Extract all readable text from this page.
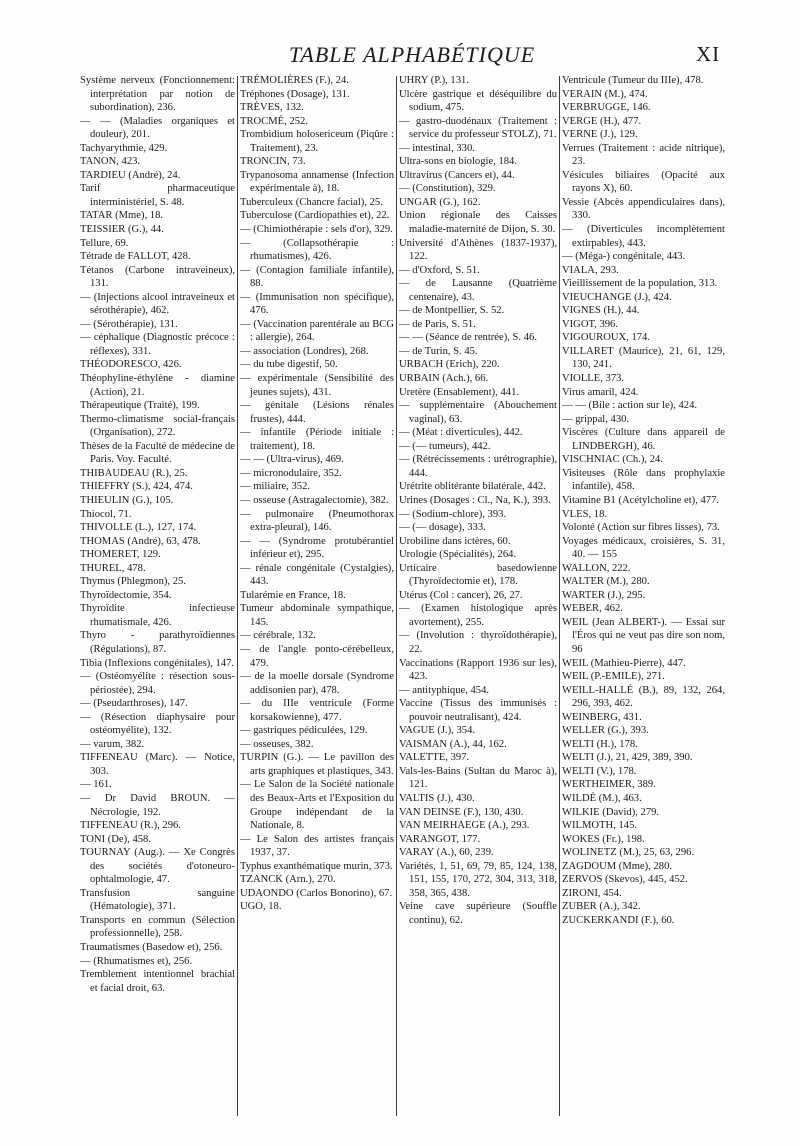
TABLE ALPHABÉTIQUE	XI

Système nerveux (Fonctionnement: interprétation par notion de subordination), 236.

— — (Maladies organiques et douleur), 201.

Tachyarythmie, 429.

TANON, 423.

TARDIEU (André), 24.

Tarif pharmaceutique interministériel, S. 48.

TATAR (Mme), 18.

TEISSIER (G.), 44.

Tellure, 69.

Tétrade de FALLOT, 428.

Tétanos (Carbone intraveineux), 131.

— (Injections alcool intraveineux et sérothérapie), 462.

— (Sérothérapie), 131.

— céphalique (Diagnostic précoce : réflexes), 331.

THÉODORESCO, 426.

Théophyline-éthylène - diamine (Action), 21.

Thérapeutique (Traité), 199.

Thermo-climatisme social-français (Organisation), 272.

Thèses de la Faculté de médecine de Paris. Voy. Faculté.

THIBAUDEAU (R.), 25.

THIEFFRY (S.), 424, 474.

THIEULIN (G.), 105.

Thiocol, 71.

THIVOLLE (L.), 127, 174.

THOMAS (André), 63, 478.

THOMERET, 129.

THUREL, 478.

Thymus (Phlegmon), 25.

Thyroïdectomie, 354.

Thyroïdite infectieuse rhumatismale, 426.

Thyro - parathyroïdiennes (Régulations), 87.

Tibia (Inflexions congénitales), 147.

— (Ostéomyélite : résection sous-périostée), 294.

— (Pseudarthroses), 147.

— (Résection diaphysaire pour ostéomyélite), 132.

— varum, 382.

TIFFENEAU (Marc). — Notice, 303.

— 161.

— Dr David BROUN. — Nécrologie, 192.

TIFFENEAU (R.), 296.

TONI (De), 458.

TOURNAY (Aug.). — Xe Congrès des sociétés d'otoneuro-ophtalmologie, 47.

Transfusion sanguine (Hématologie), 371.

Transports en commun (Sélection professionnelle), 258.

Traumatismes (Basedow et), 256.

— (Rhumatismes et), 256.

Tremblement intentionnel brachial et facial droit, 63.

TRÉMOLIÈRES (F.), 24.

Tréphones (Dosage), 131.

TRÈVES, 132.

TROCMÉ, 252.

Trombidium holosericeum (Piqûre : Traitement), 23.

TRONCIN, 73.

Trypanosoma annamense (Infection expérimentale à), 18.

Tuberculeux (Chancre facial), 25.

Tuberculose (Cardiopathies et), 22.

— (Chimiothérapie : sels d'or), 329.

— (Collapsothérapie : rhumatismes), 426.

— (Contagion familiale infantile), 88.

— (Immunisation non spécifique), 476.

— (Vaccination parentérale au BCG : allergie), 264.

— association (Londres), 268.

— du tube digestif, 50.

— expérimentale (Sensibilité des jeunes sujets), 431.

— génitale (Lésions rénales frustes), 444.

— infantile (Période initiale : traitement), 18.

— — (Ultra-virus), 469.

— micronodulaire, 352.

— miliaire, 352.

— osseuse (Astragalectomie), 382.

— pulmonaire (Pneumothorax extra-pleural), 146.

— — (Syndrome protubérantiel inférieur et), 295.

— rénale congénitale (Cystalgies), 443.

Tularémie en France, 18.

Tumeur abdominale sympathique, 145.

— cérébrale, 132.

— de l'angle ponto-cérébelleux, 479.

— de la moelle dorsale (Syndrome addisonien par), 478.

— du IIIe ventricule (Forme korsakowienne), 477.

— gastriques pédiculées, 129.

— osseuses, 382.

TURPIN (G.). — Le pavillon des arts graphiques et plastiques, 343.

— Le Salon de la Société nationale des Beaux-Arts et l'Exposition du Groupe indépendant de la Nationale, 8.

— Le Salon des artistes français 1937, 37.

Typhus exanthématique murin, 373.

TZANCK (Arn.), 270.

UDAONDO (Carlos Bonorino), 67.

UGO, 18.

UHRY (P.), 131.

Ulcère gastrique et déséquilibre du sodium, 475.

— gastro-duodénaux (Traitement : service du professeur STOLZ), 71.

— intestinal, 330.

Ultra-sons en biologie, 184.

Ultravirus (Cancers et), 44.

— (Constitution), 329.

UNGAR (G.), 162.

Union régionale des Caisses maladie-maternité de Dijon, S. 30.

Université d'Athènes (1837-1937), 122.

— d'Oxford, S. 51.

— de Lausanne (Quatrième centenaire), 43.

— de Montpellier, S. 52.

— de Paris, S. 51.

— — (Séance de rentrée), S. 46.

— de Turin, S. 45.

URBACH (Erich), 220.

URBAIN (Ach.), 66.

Uretère (Ensablement), 441.

— supplémentaire (Abouchement vaginal), 63.

— (Méat : diverticules), 442.

— (— tumeurs), 442.

— (Rétrécissements : urétrographie), 444.

Urétrite oblitérante bilatérale, 442.

Urines (Dosages : Cl., Na, K.), 393.

— (Sodium-chlore), 393.

— (— dosage), 333.

Urobiline dans ictères, 60.

Urologie (Spécialités), 264.

Urticaire basedowienne (Thyroïdectomie et), 178.

Utérus (Col : cancer), 26, 27.

— (Examen histologique après avortement), 255.

— (Involution : thyroïdothérapie), 22.

Vaccinations (Rapport 1936 sur les), 423.

— antityphique, 454.

Vaccine (Tissus des immunisés : pouvoir neutralisant), 424.

VAGUE (J.), 354.

VAISMAN (A.), 44, 162.

VALETTE, 397.

Vals-les-Bains (Sultan du Maroc à), 121.

VALTIS (J.), 430.

VAN DEINSE (F.), 130, 430.

VAN MEIRHAEGE (A.), 293.

VARANGOT, 177.

VARAY (A.), 60, 239.

Variétés, 1, 51, 69, 79, 85, 124, 138, 151, 155, 170, 272, 304, 313, 318, 358, 365, 438.

Veine cave supérieure (Souffle continu), 62.

Ventricule (Tumeur du IIIe), 478.

VERAIN (M.), 474.

VERBRUGGE, 146.

VERGE (H.), 477.

VERNE (J.), 129.

Verrues (Traitement : acide nitrique), 23.

Vésicules biliaires (Opacité aux rayons X), 60.

Vessie (Abcès appendiculaires dans), 330.

— (Diverticules incomplètement extirpables), 443.

— (Méga-) congénitale, 443.

VIALA, 293.

Vieillissement de la population, 313.

VIEUCHANGE (J.), 424.

VIGNES (H.), 44.

VIGOT, 396.

VIGOUROUX, 174.

VILLARET (Maurice), 21, 61, 129, 130, 241.

VIOLLE, 373.

Virus amaril, 424.

— — (Bile : action sur le), 424.

— grippal, 430.

Viscères (Culture dans appareil de LINDBERGH), 46.

VISCHNIAC (Ch.), 24.

Visiteuses (Rôle dans prophylaxie infantile), 458.

Vitamine B1 (Acétylcholine et), 477.

VLES, 18.

Volonté (Action sur fibres lisses), 73.

Voyages médicaux, croisières, S. 31, 40. — 155

WALLON, 222.

WALTER (M.), 280.

WARTER (J.), 295.

WEBER, 462.

WEIL (Jean ALBERT-). — Essai sur l'Éros qui ne veut pas dire son nom, 96

WEIL (Mathieu-Pierre), 447.

WEIL (P.-EMILE), 271.

WEILL-HALLÉ (B.), 89, 132, 264, 296, 393, 462.

WEINBERG, 431.

WELLER (G.), 393.

WELTI (H.), 178.

WELTI (J.), 21, 429, 389, 390.

WELTI (V.), 178.

WERTHEIMER, 389.

WILDÉ (M.), 463.

WILKIE (David), 279.

WILMOTH, 145.

WOKES (Fr.), 198.

WOLINETZ (M.), 25, 63, 296.

ZAGDOUM (Mme), 280.

ZERVOS (Skevos), 445, 452.

ZIRONI, 454.

ZUBER (A.), 342.

ZUCKERKANDI (F.), 60.
